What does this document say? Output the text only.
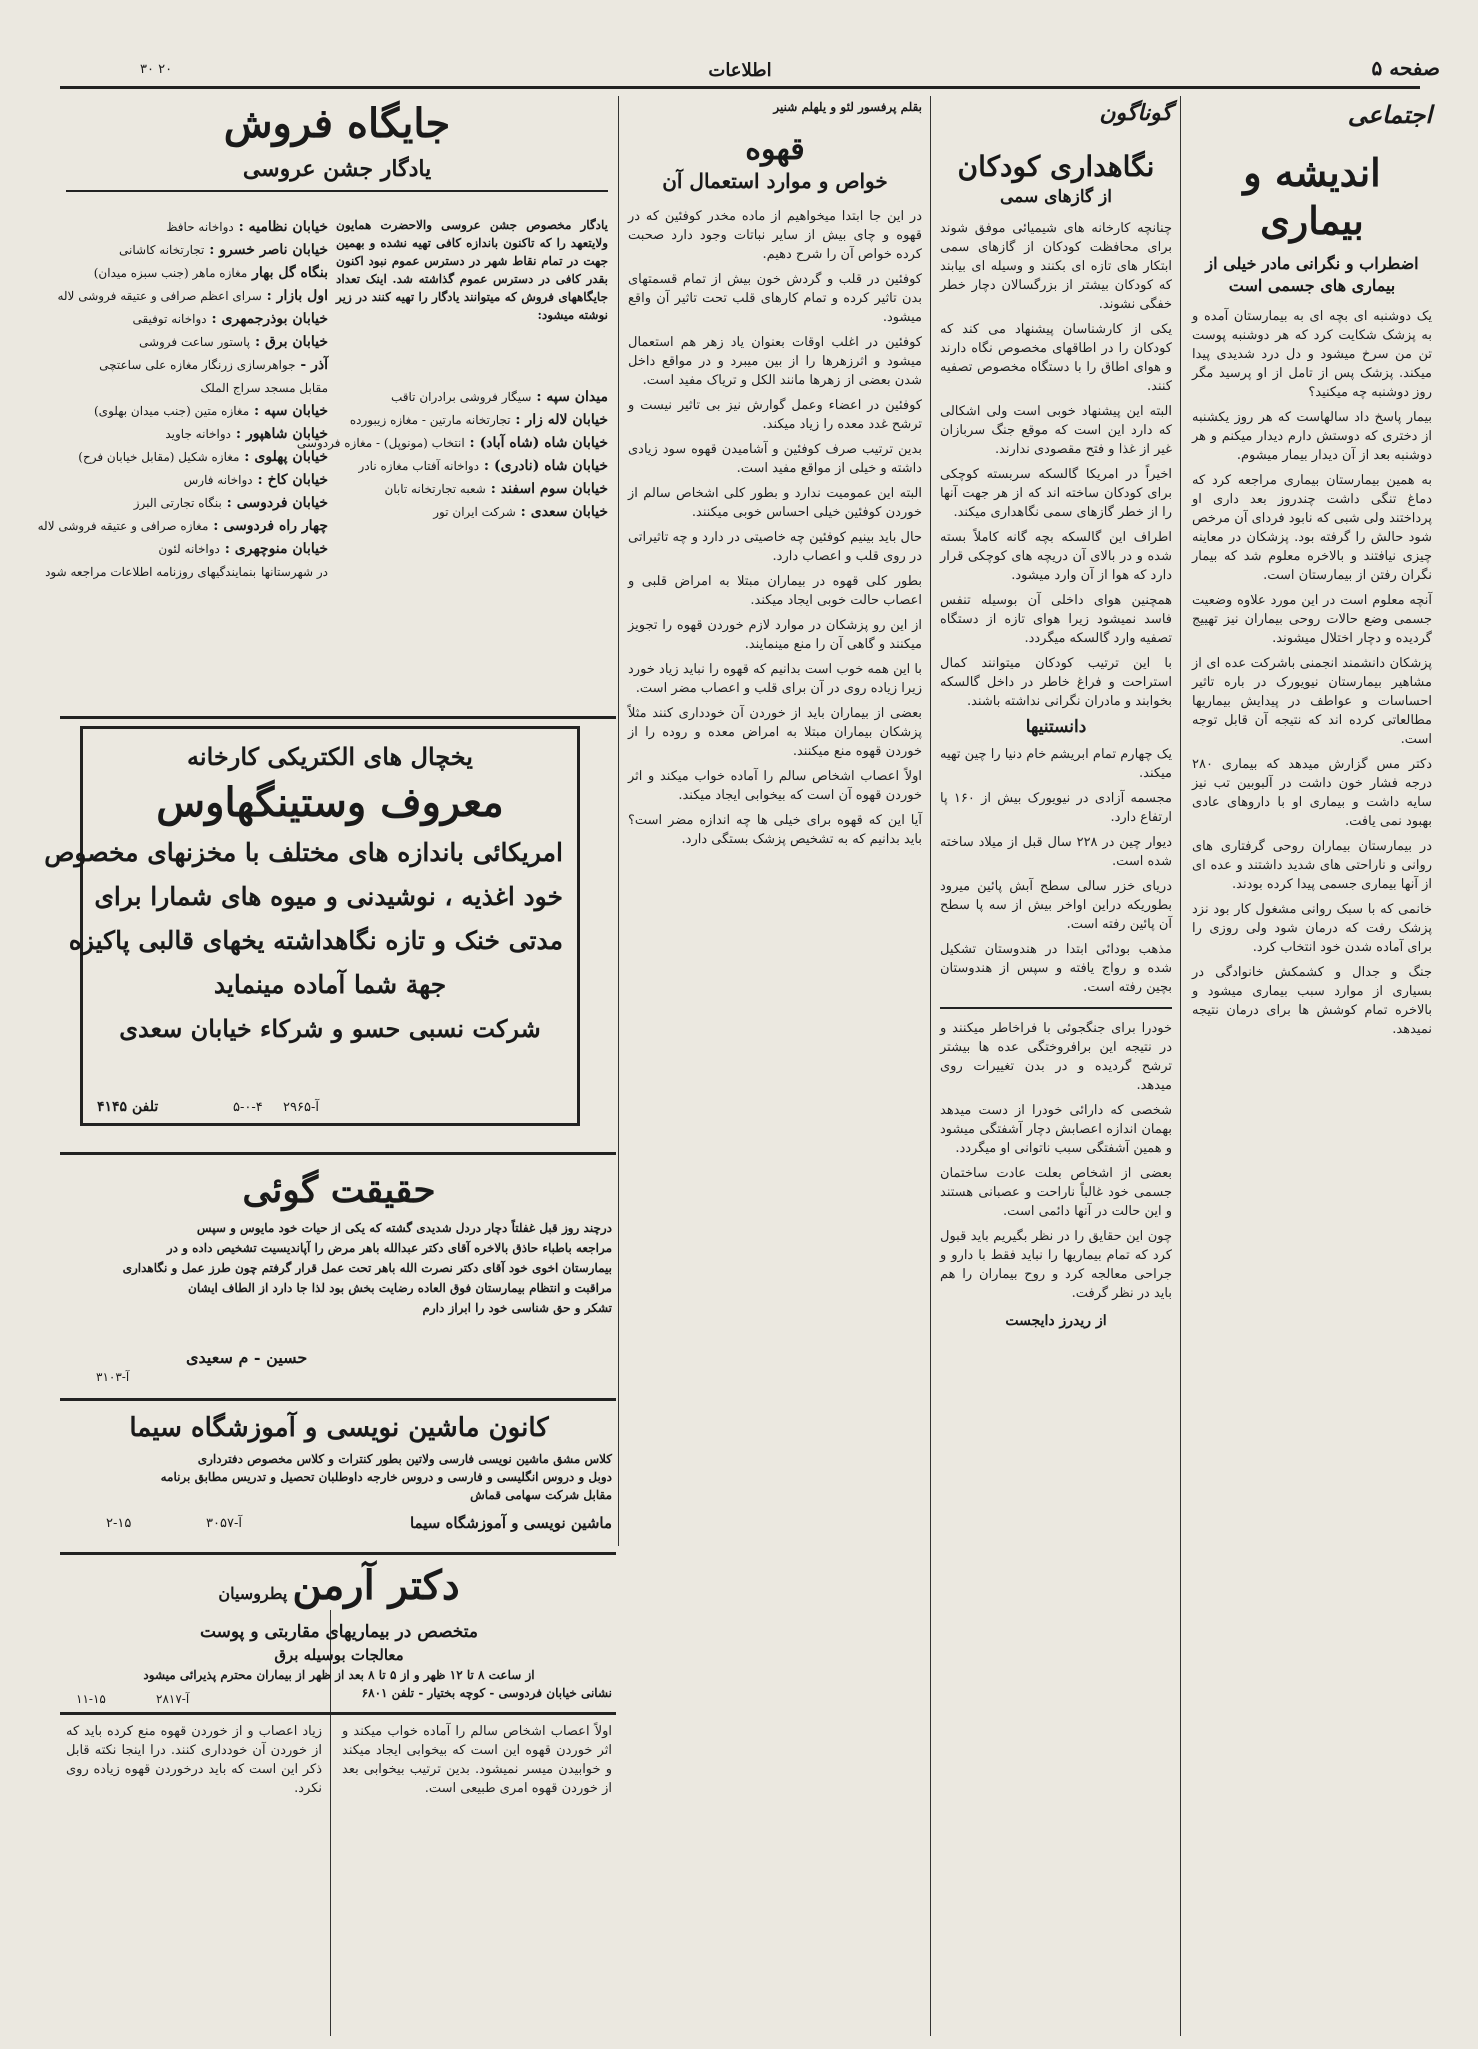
صفحه ۵
اطلاعات
۳۰ ۲۰
اجتماعی
اندیشه و بیماری
اضطراب و نگرانی مادر خیلی از بیماری های جسمی است

یک دوشنبه ای بچه ای به بیمارستان آمده و به پزشک شکایت کرد که هر دوشنبه پوست تن من سرخ میشود و دل درد شدیدی پیدا میکند. پزشک پس از تامل از او پرسید مگر روز دوشنبه چه میکنید؟

بیمار پاسخ داد سالهاست که هر روز یکشنبه از دختری که دوستش دارم دیدار میکنم و هر دوشنبه بعد از آن دیدار بیمار میشوم.

به همین بیمارستان بیماری مراجعه کرد که دماغ تنگی داشت چندروز بعد داری او پرداختند ولی شبی که نابود فردای آن مرخص شود حالش را گرفته بود. پزشکان در معاینه چیزی نیافتند و بالاخره معلوم شد که بیمار نگران رفتن از بیمارستان است.

آنچه معلوم است در این مورد علاوه وضعیت جسمی وضع حالات روحی بیماران نیز تهییج گردیده و دچار اختلال میشوند.

پزشکان دانشمند انجمنی باشرکت عده ای از مشاهیر بیمارستان نیویورک در باره تاثیر احساسات و عواطف در پیدایش بیماریها مطالعاتی کرده اند که نتیجه آن قابل توجه است.

دکتر مس گزارش میدهد که بیماری ۲۸۰ درجه فشار خون داشت در آلبوبین تب نیز سایه داشت و بیماری او با داروهای عادی بهبود نمی یافت.

در بیمارستان بیماران روحی گرفتاری های روانی و ناراحتی های شدید داشتند و عده ای از آنها بیماری جسمی پیدا کرده بودند.

خانمی که با سبک روانی مشغول کار بود نزد پزشک رفت که درمان شود ولی روزی را برای آماده شدن خود انتخاب کرد.

جنگ و جدال و کشمکش خانوادگی در بسیاری از موارد سبب بیماری میشود و بالاخره تمام کوشش ها برای درمان نتیجه نمیدهد.

گوناگون
نگاهداری کودکان
از گازهای سمی

چنانچه کارخانه های شیمیائی موفق شوند برای محافظت کودکان از گازهای سمی ابتکار های تازه ای بکنند و وسیله ای بیابند که کودکان بیشتر از بزرگسالان دچار خطر خفگی نشوند.

یکی از کارشناسان پیشنهاد می کند که کودکان را در اطاقهای مخصوص نگاه دارند و هوای اطاق را با دستگاه مخصوص تصفیه کنند.

البته این پیشنهاد خوبی است ولی اشکالی که دارد این است که موقع جنگ سربازان غیر از غذا و فتح مقصودی ندارند.

اخیراً در امریکا گالسکه سربسته کوچکی برای کودکان ساخته اند که از هر جهت آنها را از خطر گازهای سمی نگاهداری میکند.

اطراف این گالسکه بچه گانه کاملاً بسته شده و در بالای آن دریچه های کوچکی قرار دارد که هوا از آن وارد میشود.

همچنین هوای داخلی آن بوسیله تنفس فاسد نمیشود زیرا هوای تازه از دستگاه تصفیه وارد گالسکه میگردد.

با این ترتیب کودکان میتوانند کمال استراحت و فراغ خاطر در داخل گالسکه بخوابند و مادران نگرانی نداشته باشند.

دانستنیها

یک چهارم تمام ابریشم خام دنیا را چین تهیه میکند.

مجسمه آزادی در نیویورک بیش از ۱۶۰ پا ارتفاع دارد.

دیوار چین در ۲۲۸ سال قبل از میلاد ساخته شده است.

دریای خزر سالی سطح آبش پائین میرود بطوریکه دراین اواخر بیش از سه پا سطح آن پائین رفته است.

مذهب بودائی ابتدا در هندوستان تشکیل شده و رواج یافته و سپس از هندوستان بچین رفته است.

خودرا برای جنگجوئی با فراخاطر میکنند و در نتیجه این برافروختگی عده ها بیشتر ترشح گردیده و در بدن تغییرات روی میدهد.

شخصی که دارائی خودرا از دست میدهد بهمان اندازه اعصابش دچار آشفتگی میشود و همین آشفتگی سبب ناتوانی او میگردد.

بعضی از اشخاص بعلت عادت ساختمان جسمی خود غالباً ناراحت و عصبانی هستند و این حالت در آنها دائمی است.

چون این حقایق را در نظر بگیریم باید قبول کرد که تمام بیماریها را نباید فقط با دارو و جراحی معالجه کرد و روح بیماران را هم باید در نظر گرفت.

از ریدرز دایجست
بقلم پرفسور لئو و یلهلم شنیر
قهوه
خواص و موارد استعمال آن

در این جا ابتدا میخواهیم از ماده مخدر کوفئین که در قهوه و چای بیش از سایر نباتات وجود دارد صحبت کرده خواص آن را شرح دهیم.

کوفئین در قلب و گردش خون بیش از تمام قسمتهای بدن تاثیر کرده و تمام کارهای قلب تحت تاثیر آن واقع میشود.

کوفئین در اغلب اوقات بعنوان یاد زهر هم استعمال میشود و اثرزهرها را از بین میبرد و در مواقع داخل شدن بعضی از زهرها مانند الکل و تریاک مفید است.

کوفئین در اعضاء وعمل گوارش نیز بی تاثیر نیست و ترشح غدد معده را زیاد میکند.

بدین ترتیب صرف کوفئین و آشامیدن قهوه سود زیادی داشته و خیلی از مواقع مفید است.

البته این عمومیت ندارد و بطور کلی اشخاص سالم از خوردن کوفئین خیلی احساس خوبی میکنند.

حال باید بینیم کوفئین چه خاصیتی در دارد و چه تاثیراتی در روی قلب و اعصاب دارد.

بطور کلی قهوه در بیماران مبتلا به امراض قلبی و اعصاب حالت خوبی ایجاد میکند.

از این رو پزشکان در موارد لازم خوردن قهوه را تجویز میکنند و گاهی آن را منع مینمایند.

با این همه خوب است بدانیم که قهوه را نباید زیاد خورد زیرا زیاده روی در آن برای قلب و اعصاب مضر است.

بعضی از بیماران باید از خوردن آن خودداری کنند مثلاً پزشکان بیماران مبتلا به امراض معده و روده را از خوردن قهوه منع میکنند.

اولاً اعصاب اشخاص سالم را آماده خواب میکند و اثر خوردن قهوه آن است که بیخوابی ایجاد میکند.

آیا این که قهوه برای خیلی ها چه اندازه مضر است؟ باید بدانیم که به تشخیص پزشک بستگی دارد.

جایگاه فروش
یادگار جشن عروسی
یادگار مخصوص جشن عروسی والاحضرت همایون ولایتعهد را که تاکنون باندازه کافی تهیه نشده و بهمین جهت در تمام نقاط شهر در دسترس عموم نبود اکنون بقدر کافی در دسترس عموم گذاشته شد. اینک تعداد جایگاههای فروش که میتوانند یادگار را تهیه کنند در زیر نوشته میشود:
میدان سپه : سیگار فروشی برادران تاقب
خیابان لاله زار : تجارتخانه مارتین - مغازه زیبورده
خیابان شاه (شاه آباد) : انتخاب (مونوپل) - مغازه فردوسی
خیابان شاه (نادری) : دواخانه آفتاب مغازه نادر
خیابان سوم اسفند : شعبه تجارتخانه تابان
خیابان سعدی : شرکت ایران تور
خیابان نظامیه : دواخانه حافظ
خیابان ناصر خسرو : تجارتخانه کاشانی
بنگاه گل بهار مغازه ماهر (جنب سبزه میدان)
اول بازار : سرای اعظم صرافی و عتیقه فروشی لاله
خیابان بوذرجمهری : دواخانه توفیقی
خیابان برق : پاستور ساعت فروشی
آذر - جواهرسازی زرنگار مغازه علی ساعتچی
مقابل مسجد سراج الملک
خیابان سپه : مغازه متین (جنب میدان بهلوی)
خیابان شاهپور : دواخانه جاوید
خیابان پهلوی : مغازه شکیل (مقابل خیابان فرح)
خیابان کاخ : دواخانه فارس
خیابان فردوسی : بنگاه تجارتی البرز
چهار راه فردوسی : مغازه صرافی و عتیقه فروشی لاله
خیابان منوچهری : دواخانه لئون
در شهرستانها بنمایندگیهای روزنامه اطلاعات مراجعه شود
یخچال های الکتریکی کارخانه
معروف وستینگهاوس
امریکائی باندازه های مختلف با مخزنهای مخصوص
خود اغذیه ، نوشیدنی و میوه های شمارا برای
مدتی خنک و تازه نگاهداشته یخهای قالبی پاکیزه
جهة شما آماده مینماید
شرکت نسبی حسو و شرکاء خیابان سعدی
تلفن ۴۱۴۵	آ-۲۹۶۵
۵-۰-۴
حقیقت گوئی
درچند روز قبل غفلتاً دچار دردل شدیدی گشته که یکی از حیات خود مایوس و سپس
مراجعه باطباء حاذق بالاخره آقای دکتر عبدالله باهر مرض را آپاندیسیت تشخیص داده و در
بیمارستان اخوی خود آقای دکتر نصرت الله باهر تحت عمل قرار گرفتم چون طرز عمل و نگاهداری
مراقبت و انتظام بیمارستان فوق العاده رضایت بخش بود لذا جا دارد از الطاف ایشان
تشکر و حق شناسی خود را ابراز دارم
حسین - م سعیدی
آ-۳۱۰۳
کانون ماشین نویسی و آموزشگاه سیما
کلاس مشق ماشین نویسی فارسی ولاتین بطور کنترات و کلاس مخصوص دفترداری
دوبل و دروس انگلیسی و فارسی و دروس خارجه داوطلبان تحصیل و تدریس مطابق برنامه
مقابل شرکت سهامی قماش
ماشین نویسی و آموزشگاه سیما
آ-۳۰۵۷
۲-۱۵
دکتر آرمن پطروسیان
متخصص در بیماریهای مقاربتی و پوست
معالجات بوسیله برق
از ساعت ۸ تا ۱۲ ظهر و از ۵ تا ۸ بعد از ظهر از بیماران محترم پذیرائی میشود
نشانی خیابان فردوسی - کوچه بختیار - تلفن ۶۸۰۱
آ-۲۸۱۷
۱۱-۱۵
اولاً اعصاب اشخاص سالم را آماده خواب میکند و اثر خوردن قهوه این است که بیخوابی ایجاد میکند و خوابیدن میسر نمیشود. بدین ترتیب بیخوابی بعد از خوردن قهوه امری طبیعی است.
زیاد اعصاب و از خوردن قهوه منع کرده باید که از خوردن آن خودداری کنند. درا اینجا نکته قابل ذکر این است که باید درخوردن قهوه زیاده روی نکرد.
